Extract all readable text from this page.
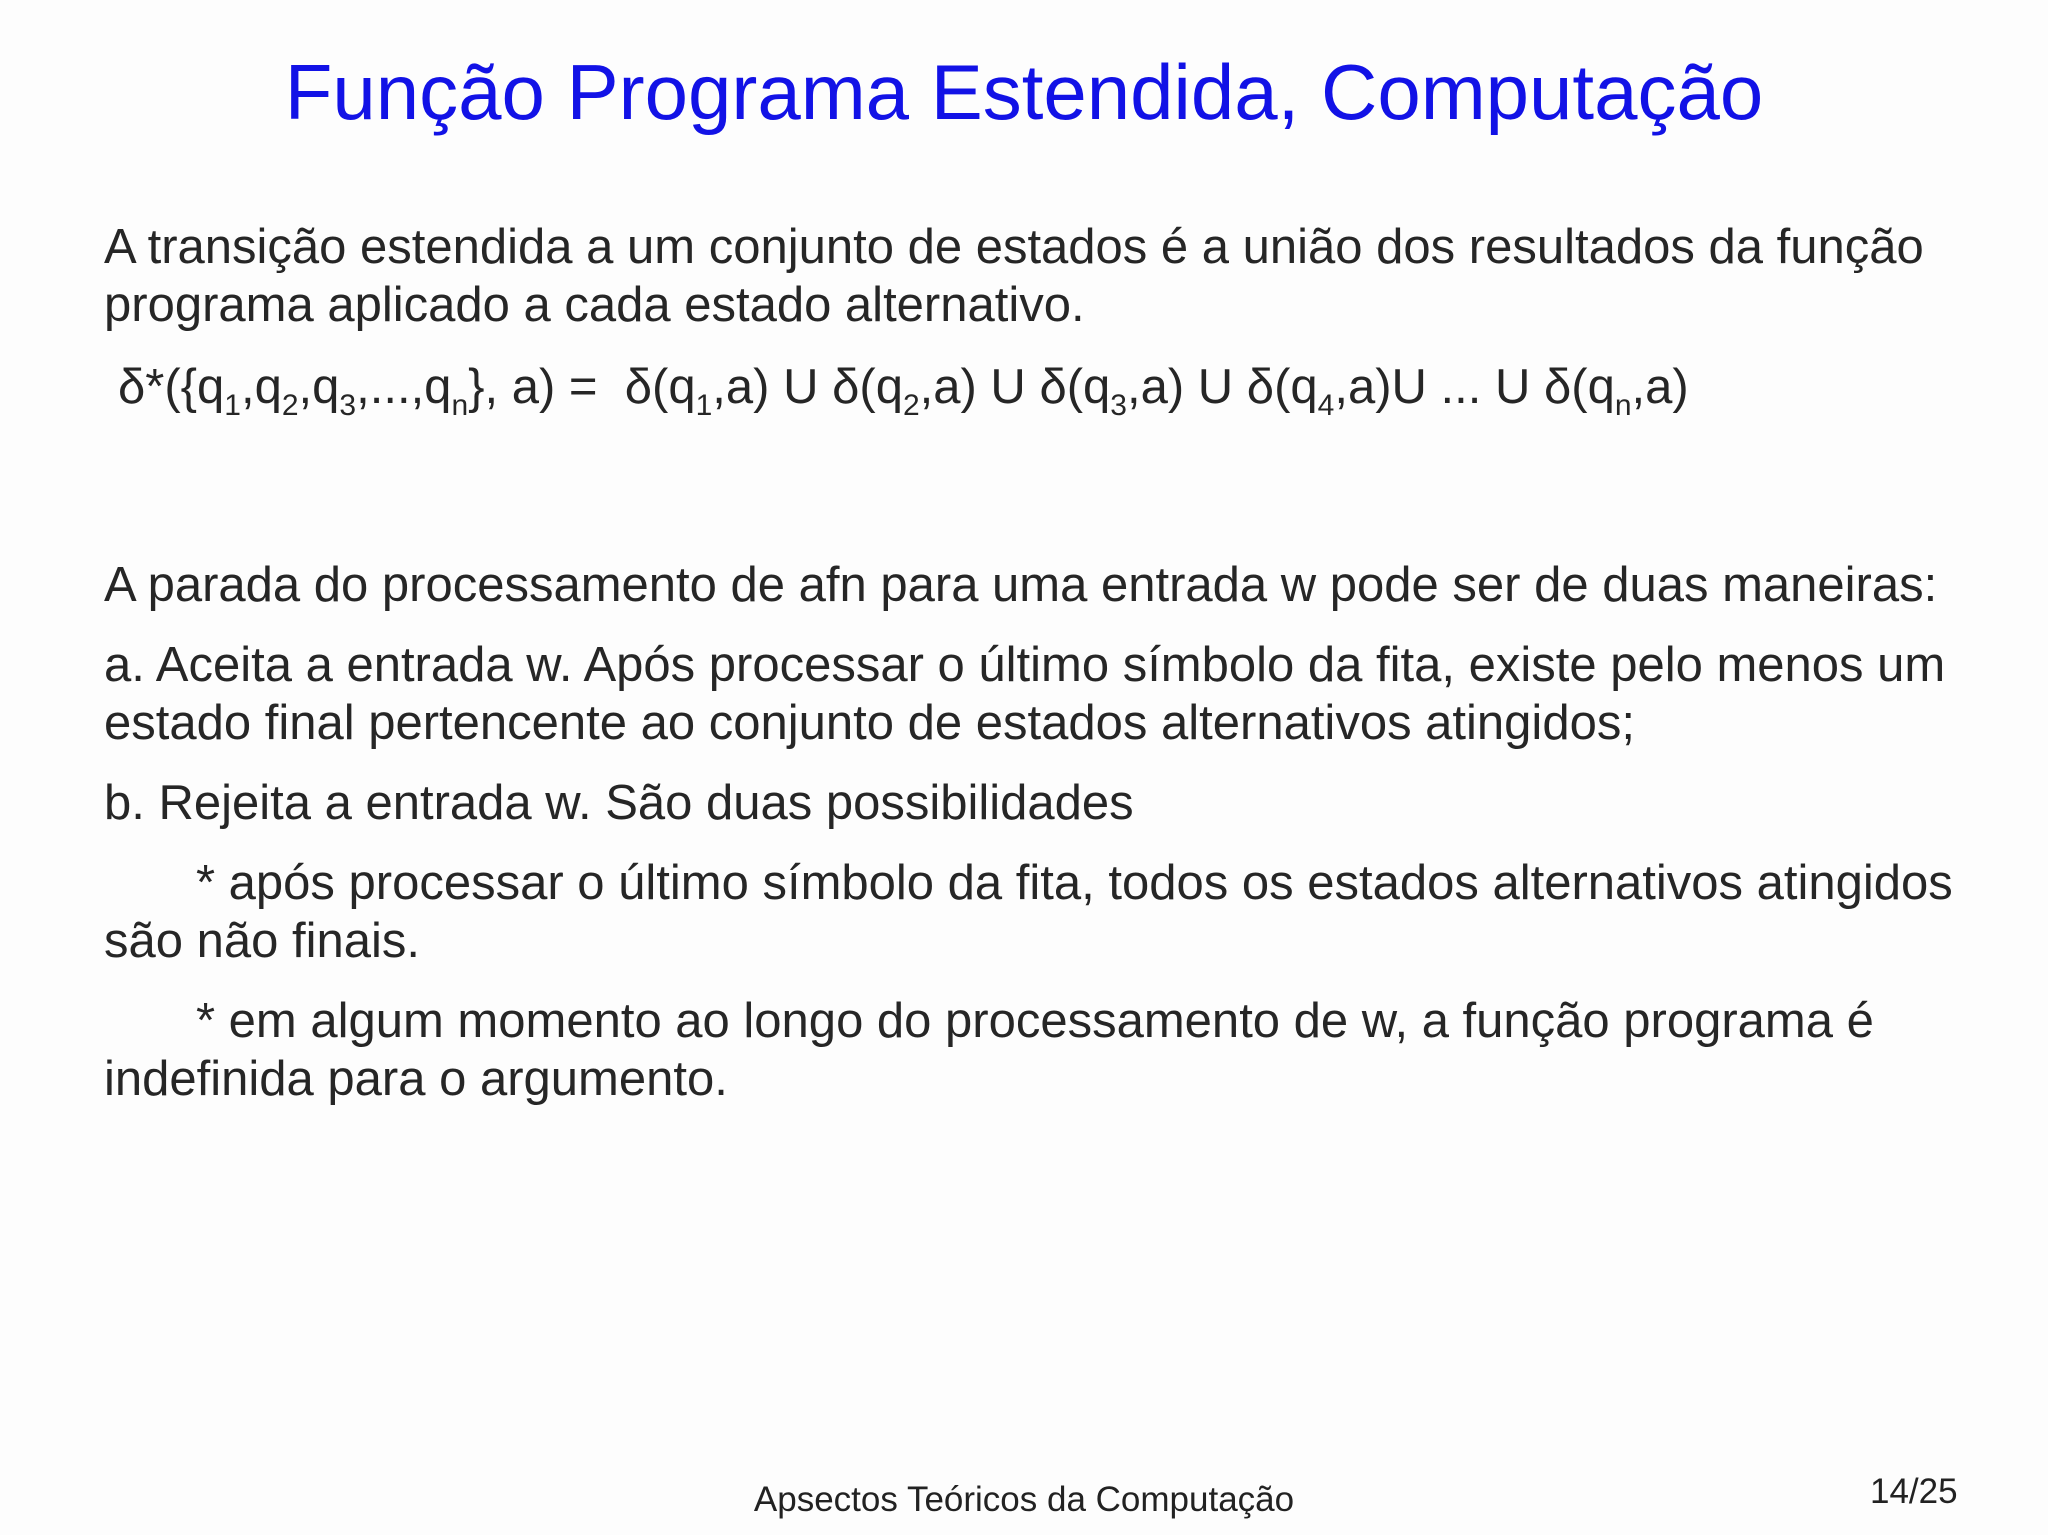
Função Programa Estendida, Computação

A transição estendida a um conjunto de estados é a união dos resultados da função programa aplicado a cada estado alternativo.

$\delta*(\{q_1,q_2,q_3,...,q_n\}$, $a) = \delta(q_1,a)$ U $\delta(q_2,a)$ U $\delta(q_3,a)$ U $\delta(q_4,a)U$ ... U $\delta(q_n,a)$

A parada do processamento de afn para uma entrada w pode ser de duas maneiras:

a. Aceita a entrada w. Após processar o último símbolo da fita, existe pelo menos um estado final pertencente ao conjunto de estados alternativos atingidos;

b. Rejeita a entrada w. São duas possibilidades

* após processar o último símbolo da fita, todos os estados alternativos atingidos são não finais.

* em algum momento ao longo do processamento de w, a função programa é indefinida para o argumento.

Apsectos Teóricos da Computação	14/25
